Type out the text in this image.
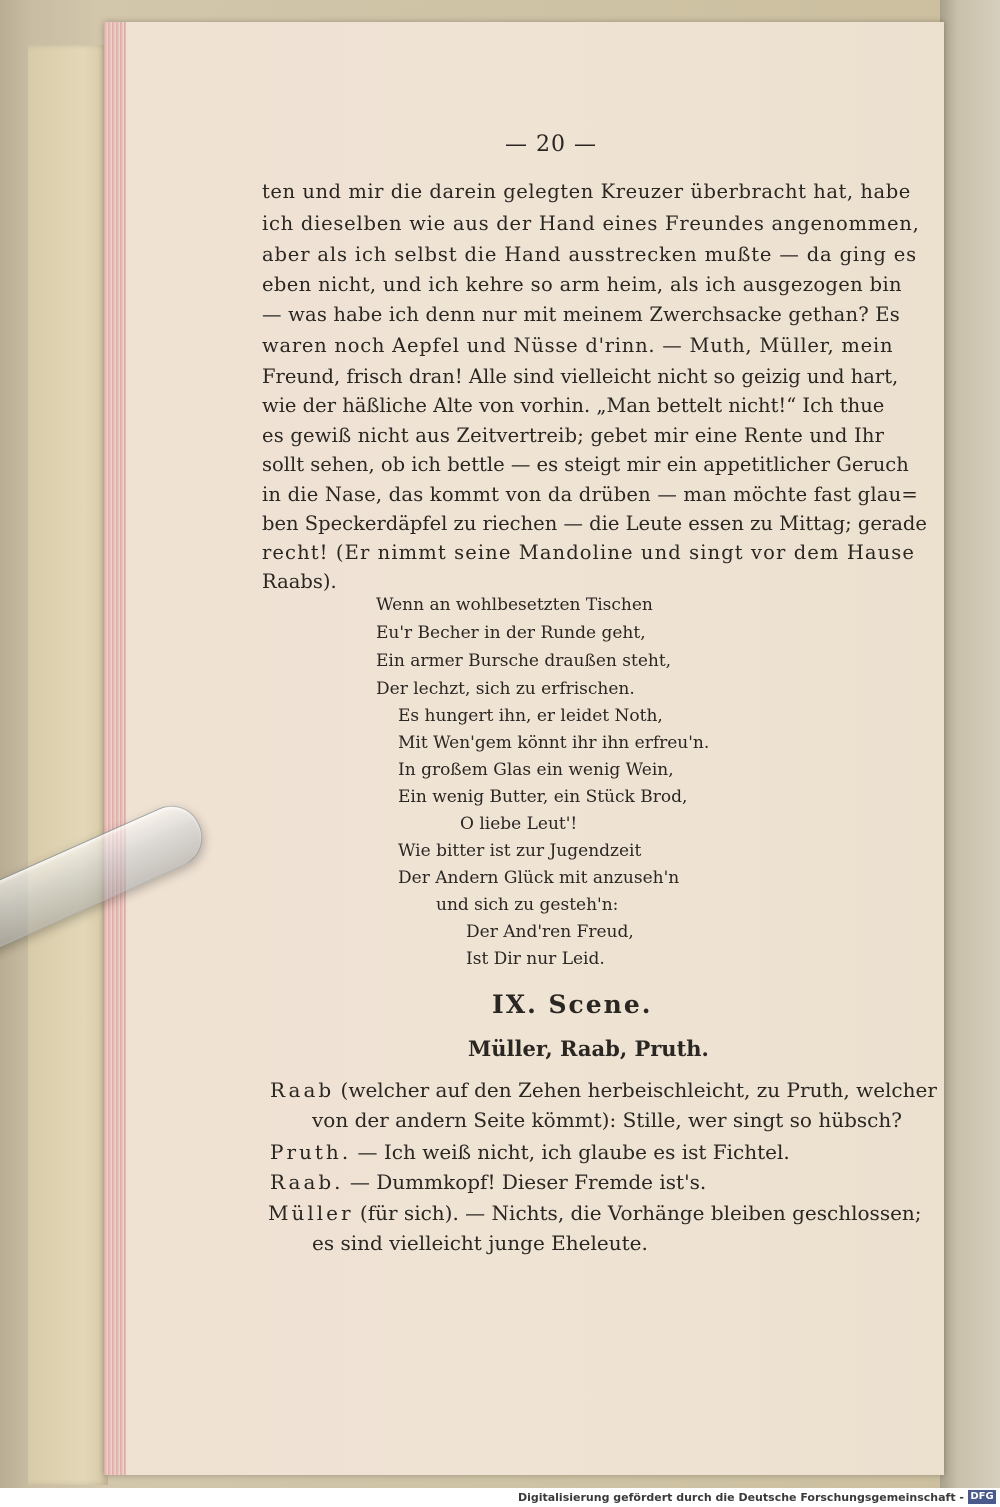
— 20 —

ten und mir die darein gelegten Kreuzer überbracht hat, habe

ich dieselben wie aus der Hand eines Freundes angenommen,

aber als ich selbst die Hand ausstrecken mußte — da ging es

eben nicht, und ich kehre so arm heim, als ich ausgezogen bin

— was habe ich denn nur mit meinem Zwerchsacke gethan? Es

waren noch Aepfel und Nüsse d'rinn. — Muth, Müller, mein

Freund, frisch dran! Alle sind vielleicht nicht so geizig und hart,

wie der häßliche Alte von vorhin. „Man bettelt nicht!“ Ich thue

es gewiß nicht aus Zeitvertreib; gebet mir eine Rente und Ihr

sollt sehen, ob ich bettle — es steigt mir ein appetitlicher Geruch

in die Nase, das kommt von da drüben — man möchte fast glau=

ben Speckerdäpfel zu riechen — die Leute essen zu Mittag; gerade

recht! (Er nimmt seine Mandoline und singt vor dem Hause

Raabs).

Wenn an wohlbesetzten Tischen

Eu'r Becher in der Runde geht,

Ein armer Bursche draußen steht,

Der lechzt, sich zu erfrischen.

Es hungert ihn, er leidet Noth,

Mit Wen'gem könnt ihr ihn erfreu'n.

In großem Glas ein wenig Wein,

Ein wenig Butter, ein Stück Brod,

O liebe Leut'!

Wie bitter ist zur Jugendzeit

Der Andern Glück mit anzuseh'n

und sich zu gesteh'n:

Der And'ren Freud,

Ist Dir nur Leid.

IX. Scene.

Müller, Raab, Pruth.

Raab (welcher auf den Zehen herbeischleicht, zu Pruth, welcher

von der andern Seite kömmt): Stille, wer singt so hübsch?

Pruth. — Ich weiß nicht, ich glaube es ist Fichtel.

Raab. — Dummkopf! Dieser Fremde ist's.

Müller (für sich). — Nichts, die Vorhänge bleiben geschlossen;

es sind vielleicht junge Eheleute.

Digitalisierung gefördert durch die Deutsche Forschungsgemeinschaft - DFG
